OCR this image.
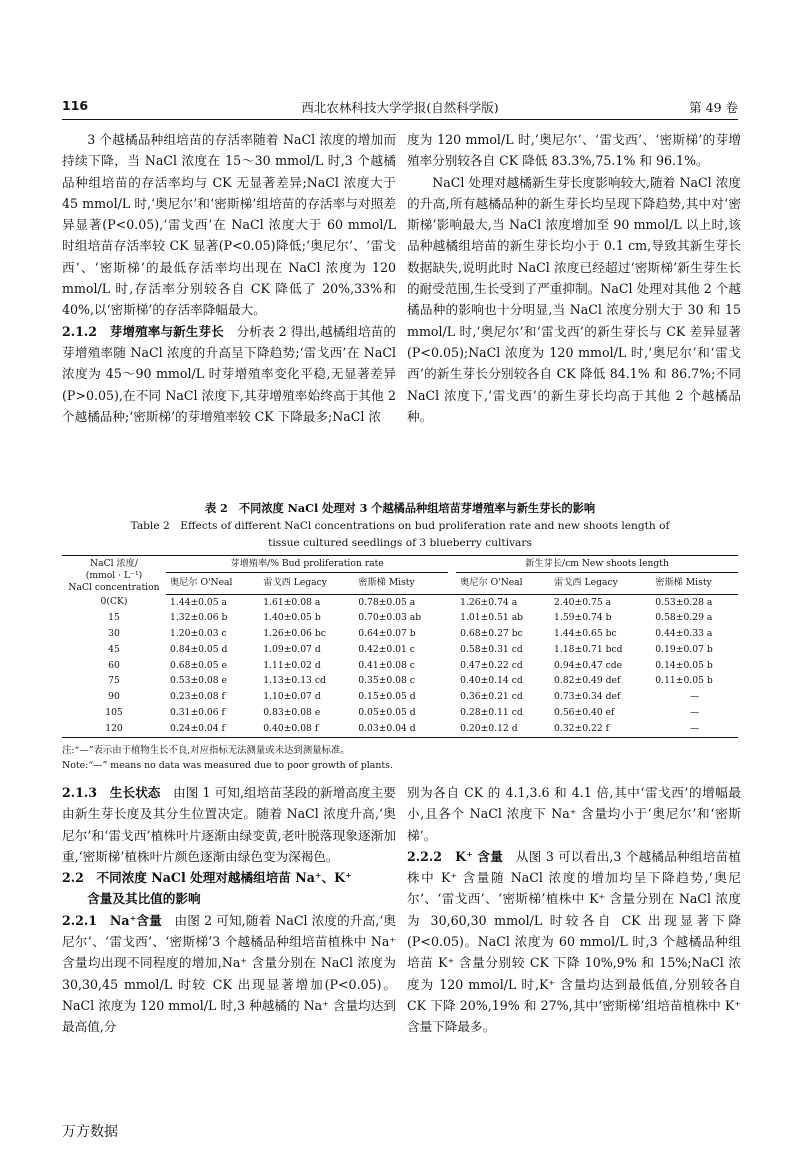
116	西北农林科技大学学报(自然科学版)	第 49 卷

3 个越橘品种组培苗的存活率随着 NaCl 浓度的增加而持续下降，当 NaCl 浓度在 15～30 mmol/L 时,3 个越橘品种组培苗的存活率均与 CK 无显著差异;NaCl 浓度大于 45 mmol/L 时,‘奥尼尔’和‘密斯梯’组培苗的存活率与对照差异显著(P<0.05),‘雷戈西’在 NaCl 浓度大于 60 mmol/L 时组培苗存活率较 CK 显著(P<0.05)降低;‘奥尼尔’、‘雷戈西’、‘密斯梯’的最低存活率均出现在 NaCl 浓度为 120 mmol/L 时,存活率分别较各自 CK 降低了 20%,33%和 40%,以‘密斯梯’的存活率降幅最大。

2.1.2　芽增殖率与新生芽长　 分析表 2 得出,越橘组培苗的芽增殖率随 NaCl 浓度的升高呈下降趋势;‘雷戈西’在 NaCl 浓度为 45～90 mmol/L 时芽增殖率变化平稳,无显著差异(P>0.05),在不同 NaCl 浓度下,其芽增殖率始终高于其他 2 个越橘品种;‘密斯梯’的芽增殖率较 CK 下降最多;NaCl 浓

度为 120 mmol/L 时,‘奥尼尔’、‘雷戈西’、‘密斯梯’的芽增殖率分别较各自 CK 降低 83.3%,75.1% 和 96.1%。

NaCl 处理对越橘新生芽长度影响较大,随着 NaCl 浓度的升高,所有越橘品种的新生芽长均呈现下降趋势,其中对‘密斯梯’影响最大,当 NaCl 浓度增加至 90 mmol/L 以上时,该品种越橘组培苗的新生芽长均小于 0.1 cm,导致其新生芽长数据缺失,说明此时 NaCl 浓度已经超过‘密斯梯’新生芽生长的耐受范围,生长受到了严重抑制。NaCl 处理对其他 2 个越橘品种的影响也十分明显,当 NaCl 浓度分别大于 30 和 15 mmol/L 时,‘奥尼尔’和‘雷戈西’的新生芽长与 CK 差异显著(P<0.05);NaCl 浓度为 120 mmol/L 时,‘奥尼尔’和‘雷戈西’的新生芽长分别较各自 CK 降低 84.1% 和 86.7%;不同 NaCl 浓度下,‘雷戈西’的新生芽长均高于其他 2 个越橘品种。

表 2　不同浓度 NaCl 处理对 3 个越橘品种组培苗芽增殖率与新生芽长的影响
Table 2　Effects of different NaCl concentrations on bud proliferation rate and new shoots length of
tissue cultured seedlings of 3 blueberry cultivars
NaCl 浓度/
(mmol · L⁻¹)
NaCl concentration	芽增殖率/% Bud proliferation rate				新生芽长/cm New shoots length		
	奥尼尔 O'Neal	雷戈西 Legacy	密斯梯 Misty		奥尼尔 O'Neal	雷戈西 Legacy	密斯梯 Misty
0(CK)	1.44±0.05 a	1.61±0.08 a	0.78±0.05 a		1.26±0.74 a	2.40±0.75 a	0.53±0.28 a
15	1.32±0.06 b	1.40±0.05 b	0.70±0.03 ab		1.01±0.51 ab	1.59±0.74 b	0.58±0.29 a
30	1.20±0.03 c	1.26±0.06 bc	0.64±0.07 b		0.68±0.27 bc	1.44±0.65 bc	0.44±0.33 a
45	0.84±0.05 d	1.09±0.07 d	0.42±0.01 c		0.58±0.31 cd	1.18±0.71 bcd	0.19±0.07 b
60	0.68±0.05 e	1.11±0.02 d	0.41±0.08 c		0.47±0.22 cd	0.94±0.47 cde	0.14±0.05 b
75	0.53±0.08 e	1.13±0.13 cd	0.35±0.08 c		0.40±0.14 cd	0.82±0.49 def	0.11±0.05 b
90	0.23±0.08 f	1.10±0.07 d	0.15±0.05 d		0.36±0.21 cd	0.73±0.34 def	—
105	0.31±0.06 f	0.83±0.08 e	0.05±0.05 d		0.28±0.11 cd	0.56±0.40 ef	—
120	0.24±0.04 f	0.40±0.08 f	0.03±0.04 d		0.20±0.12 d	0.32±0.22 f	—
注:“—”表示由于植物生长不良,对应指标无法测量或未达到测量标准。
Note:“—” means no data was measured due to poor growth of plants.

2.1.3　生长状态　 由图 1 可知,组培苗茎段的新增高度主要由新生芽长度及其分生位置决定。随着 NaCl 浓度升高,‘奥尼尔’和‘雷戈西’植株叶片逐渐由绿变黄,老叶脱落现象逐渐加重,‘密斯梯’植株叶片颜色逐渐由绿色变为深褐色。

2.2　不同浓度 NaCl 处理对越橘组培苗 Na⁺、K⁺
含量及其比值的影响

2.2.1　Na⁺含量　 由图 2 可知,随着 NaCl 浓度的升高,‘奥尼尔’、‘雷戈西’、‘密斯梯’3 个越橘品种组培苗植株中 Na⁺ 含量均出现不同程度的增加,Na⁺ 含量分别在 NaCl 浓度为 30,30,45 mmol/L 时较 CK 出现显著增加(P<0.05)。NaCl 浓度为 120 mmol/L 时,3 种越橘的 Na⁺ 含量均达到最高值,分

别为各自 CK 的 4.1,3.6 和 4.1 倍,其中‘雷戈西’的增幅最小,且各个 NaCl 浓度下 Na⁺ 含量均小于‘奥尼尔’和‘密斯梯’。

2.2.2　K⁺ 含量　 从图 3 可以看出,3 个越橘品种组培苗植株中 K⁺ 含量随 NaCl 浓度的增加均呈下降趋势,‘奥尼尔’、‘雷戈西’、‘密斯梯’植株中 K⁺ 含量分别在 NaCl 浓度为 30,60,30 mmol/L 时较各自 CK 出现显著下降(P<0.05)。NaCl 浓度为 60 mmol/L 时,3 个越橘品种组培苗 K⁺ 含量分别较 CK 下降 10%,9% 和 15%;NaCl 浓度为 120 mmol/L 时,K⁺ 含量均达到最低值,分别较各自 CK 下降 20%,19% 和 27%,其中‘密斯梯’组培苗植株中 K⁺ 含量下降最多。

万方数据
